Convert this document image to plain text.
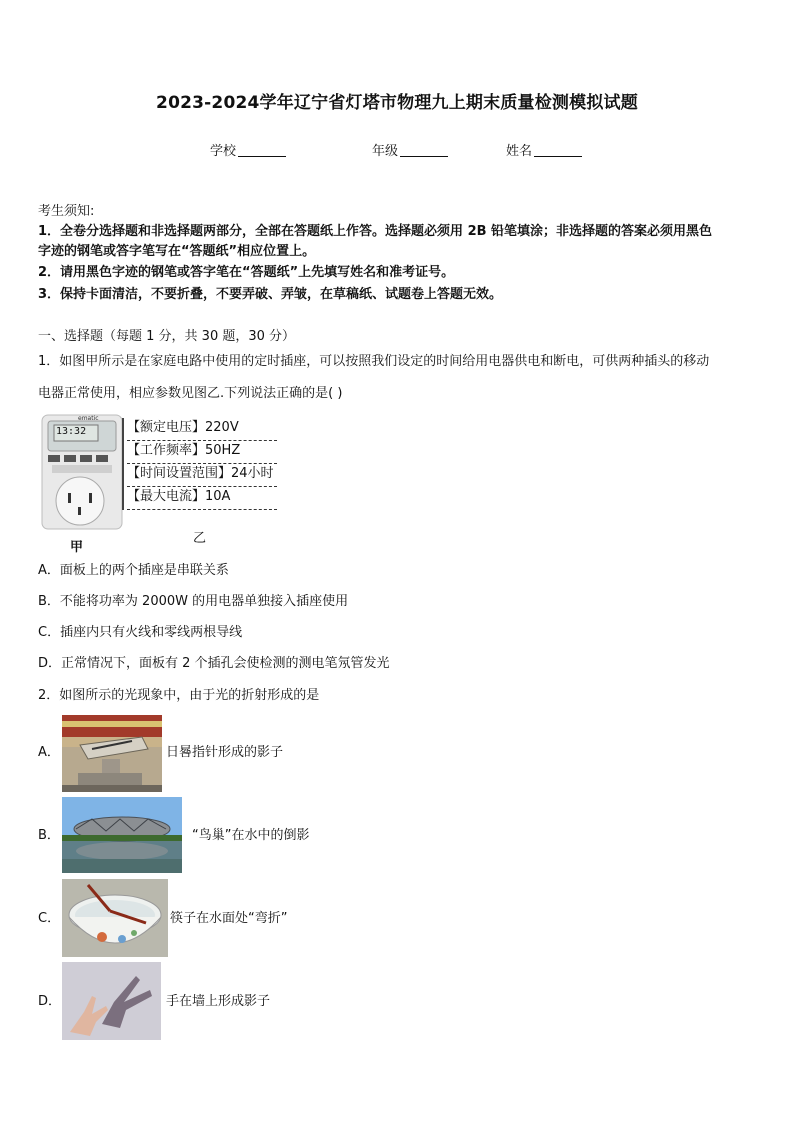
2023-2024学年辽宁省灯塔市物理九上期末质量检测模拟试题
学校	年级	姓名
考生须知:
1．全卷分选择题和非选择题两部分，全部在答题纸上作答。选择题必须用 2B 铅笔填涂；非选择题的答案必须用黑色
字迹的钢笔或答字笔写在“答题纸”相应位置上。
2．请用黑色字迹的钢笔或答字笔在“答题纸”上先填写姓名和准考证号。
3．保持卡面清洁，不要折叠，不要弄破、弄皱，在草稿纸、试题卷上答题无效。
一、选择题（每题 1 分，共 30 题，30 分）
1．如图甲所示是在家庭电路中使用的定时插座，可以按照我们设定的时间给用电器供电和断电，可供两种插头的移动
电器正常使用，相应参数见图乙.下列说法正确的是( )
ematic
13:32
甲
【额定电压】220V
【工作频率】50HZ
【时间设置范围】24小时
【最大电流】10A
乙
A．面板上的两个插座是串联关系
B．不能将功率为 2000W 的用电器单独接入插座使用
C．插座内只有火线和零线两根导线
D．正常情况下，面板有 2 个插孔会使检测的测电笔氖管发光
2．如图所示的光现象中，由于光的折射形成的是
A．	日晷指针形成的影子
B．	“鸟巢”在水中的倒影
C．	筷子在水面处“弯折”
D．	手在墙上形成影子
